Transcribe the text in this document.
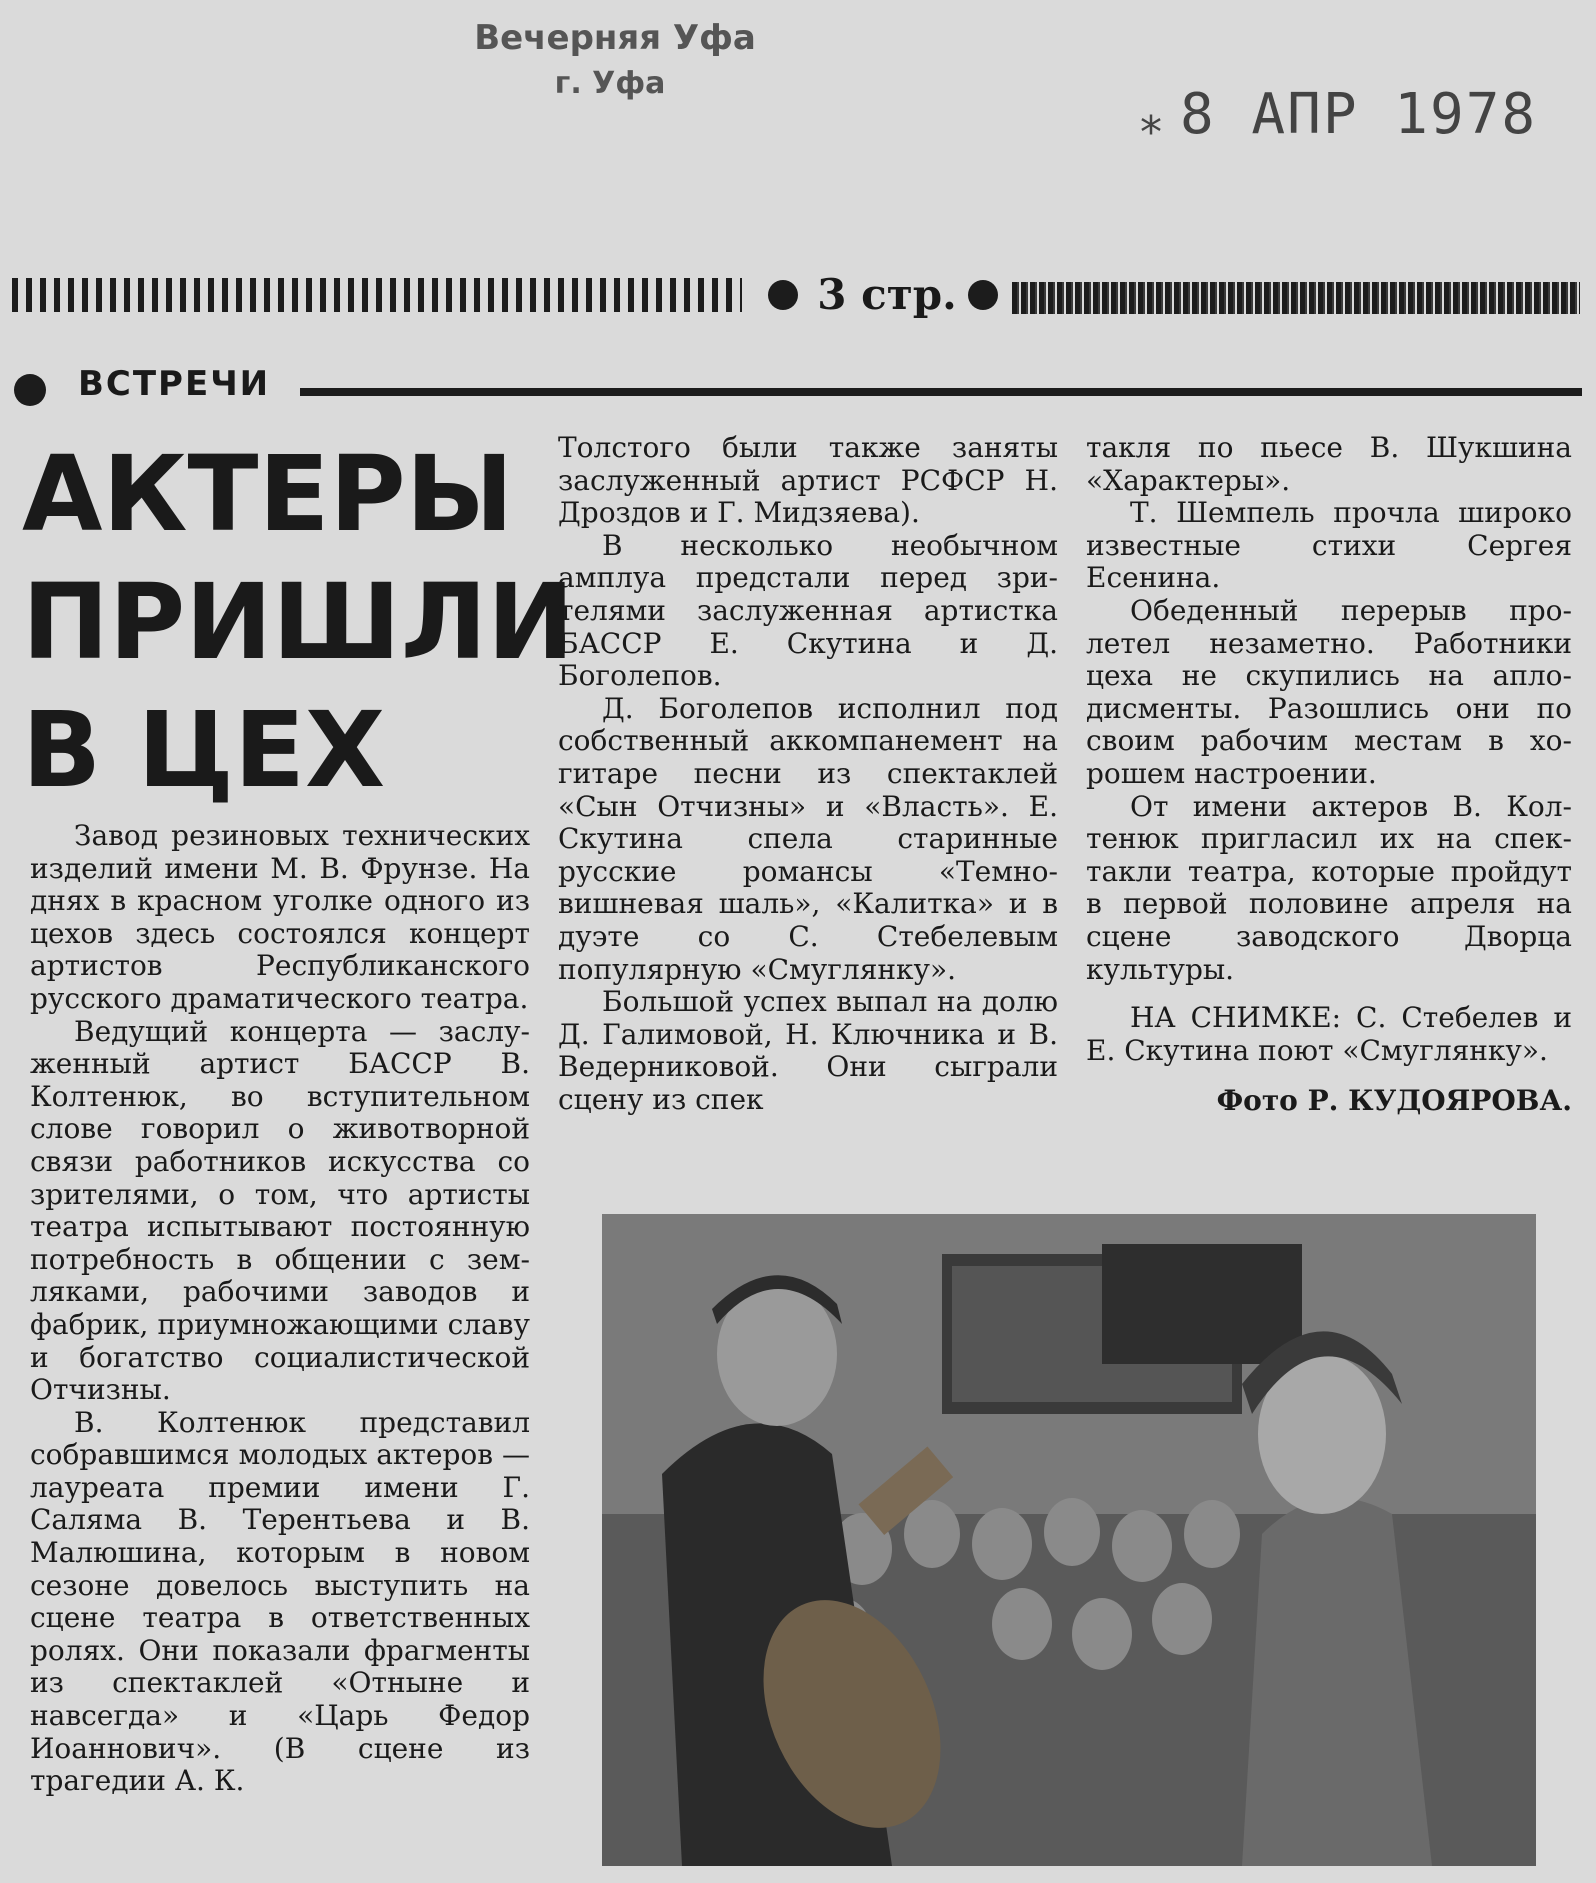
Вечерняя Уфа
г. Уфа
⁎ 8 АПР 1978
3 стр.
ВСТРЕЧИ
АКТЕРЫ
ПРИШЛИ
В ЦЕХ

Завод резиновых технических изделий имени М. В. Фрунзе. На днях в красном уголке одного из цехов здесь состоялся концерт артистов Республиканского русского драматического театра.

Ведущий концерта — заслуженный артист БАССР В. Колтенюк, во вступительном слове говорил о животворной связи работников искусства со зрителями, о том, что артисты театра испытывают постоянную потребность в общении с земляками, рабочими заводов и фабрик, приумножающими славу и богатство социалистической Отчизны.

В. Колтенюк представил собравшимся молодых актеров — лауреата премии имени Г. Саляма В. Терентьева и В. Малюшина, которым в новом сезоне довелось выступить на сцене театра в ответственных ролях. Они показали фрагменты из спектаклей «Отныне и навсегда» и «Царь Федор Иоаннович». (В сцене из трагедии А. К.

Толстого были также заняты заслуженный артист РСФСР Н. Дроздов и Г. Мидзяева).

В несколько необычном амплуа предстали перед зрителями заслуженная артистка БАССР Е. Скутина и Д. Боголепов.

Д. Боголепов исполнил под собственный аккомпанемент на гитаре песни из спектаклей «Сын Отчизны» и «Власть». Е. Скутина спела старинные русские романсы «Темно-вишневая шаль», «Калитка» и в дуэте со С. Стебелевым популярную «Смуглянку».

Большой успех выпал на долю Д. Галимовой, Н. Ключника и В. Ведерниковой. Они сыграли сцену из спек

такля по пьесе В. Шукшина «Характеры».

Т. Шемпель прочла широко известные стихи Сергея Есенина.

Обеденный перерыв пролетел незаметно. Работники цеха не скупились на аплодисменты. Разошлись они по своим рабочим местам в хорошем настроении.

От имени актеров В. Колтенюк пригласил их на спектакли театра, которые пройдут в первой половине апреля на сцене заводского Дворца культуры.

НА СНИМКЕ: С. Стебелев и Е. Скутина поют «Смуглянку».

Фото Р. КУДОЯРОВА.
